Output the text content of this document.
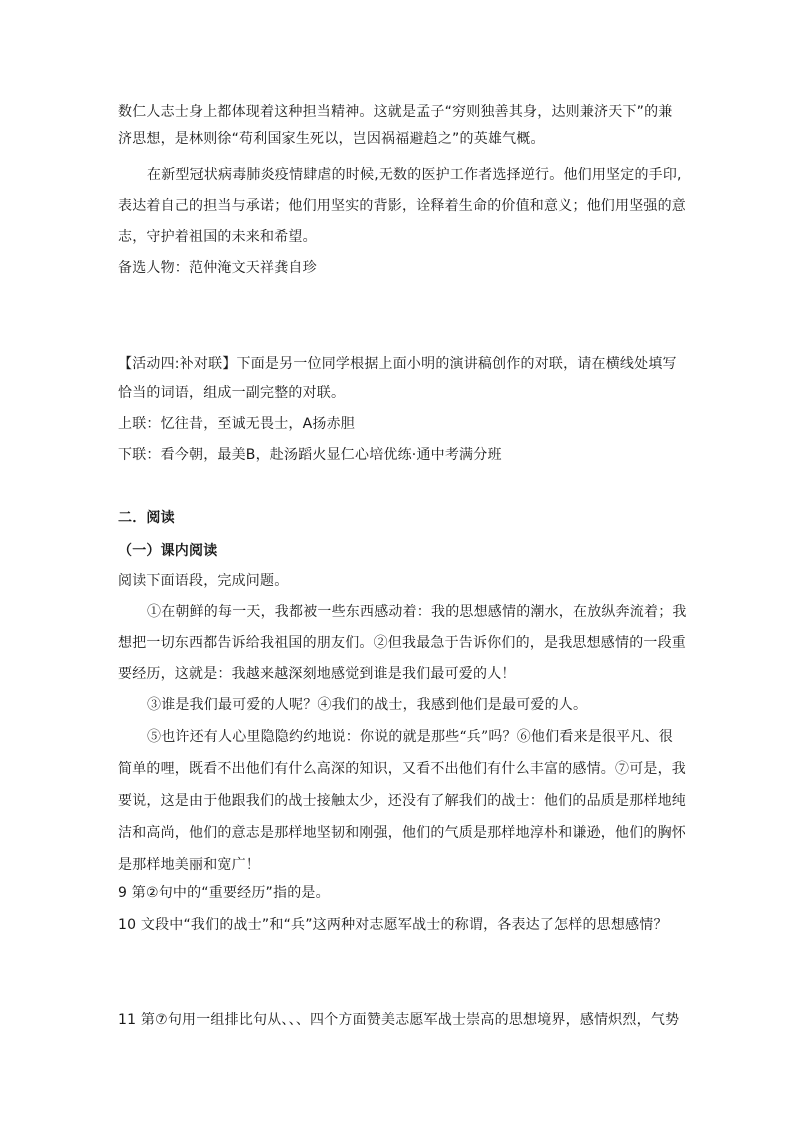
数仁人志士身上都体现着这种担当精神。这就是孟子“穷则独善其身，达则兼济天下”的兼
济思想，是林则徐“苟利国家生死以，岂因祸福避趋之”的英雄气概。
在新型冠状病毒肺炎疫情肆虐的时候,无数的医护工作者选择逆行。他们用坚定的手印,
表达着自己的担当与承诺；他们用坚实的背影，诠释着生命的价值和意义；他们用坚强的意
志，守护着祖国的未来和希望。
备选人物：范仲淹文天祥龚自珍
【活动四:补对联】下面是另一位同学根据上面小明的演讲稿创作的对联，请在横线处填写
恰当的词语，组成一副完整的对联。
上联：忆往昔，至诚无畏士，A扬赤胆
下联：看今朝，最美B，赴汤蹈火显仁心培优练·通中考满分班
二．阅读
（一）课内阅读
阅读下面语段，完成问题。
①在朝鲜的每一天，我都被一些东西感动着：我的思想感情的潮水，在放纵奔流着；我
想把一切东西都告诉给我祖国的朋友们。②但我最急于告诉你们的，是我思想感情的一段重
要经历，这就是：我越来越深刻地感觉到谁是我们最可爱的人！
③谁是我们最可爱的人呢？④我们的战士，我感到他们是最可爱的人。
⑤也许还有人心里隐隐约约地说：你说的就是那些“兵”吗？⑥他们看来是很平凡、很
简单的哩，既看不出他们有什么高深的知识，又看不出他们有什么丰富的感情。⑦可是，我
要说，这是由于他跟我们的战士接触太少，还没有了解我们的战士：他们的品质是那样地纯
洁和高尚，他们的意志是那样地坚韧和刚强，他们的气质是那样地淳朴和谦逊，他们的胸怀
是那样地美丽和宽广！
9 第②句中的“重要经历”指的是。
10 文段中“我们的战士”和“兵”这两种对志愿军战士的称谓，各表达了怎样的思想感情？
11 第⑦句用一组排比句从、、、四个方面赞美志愿军战士崇高的思想境界，感情炽烈，气势
